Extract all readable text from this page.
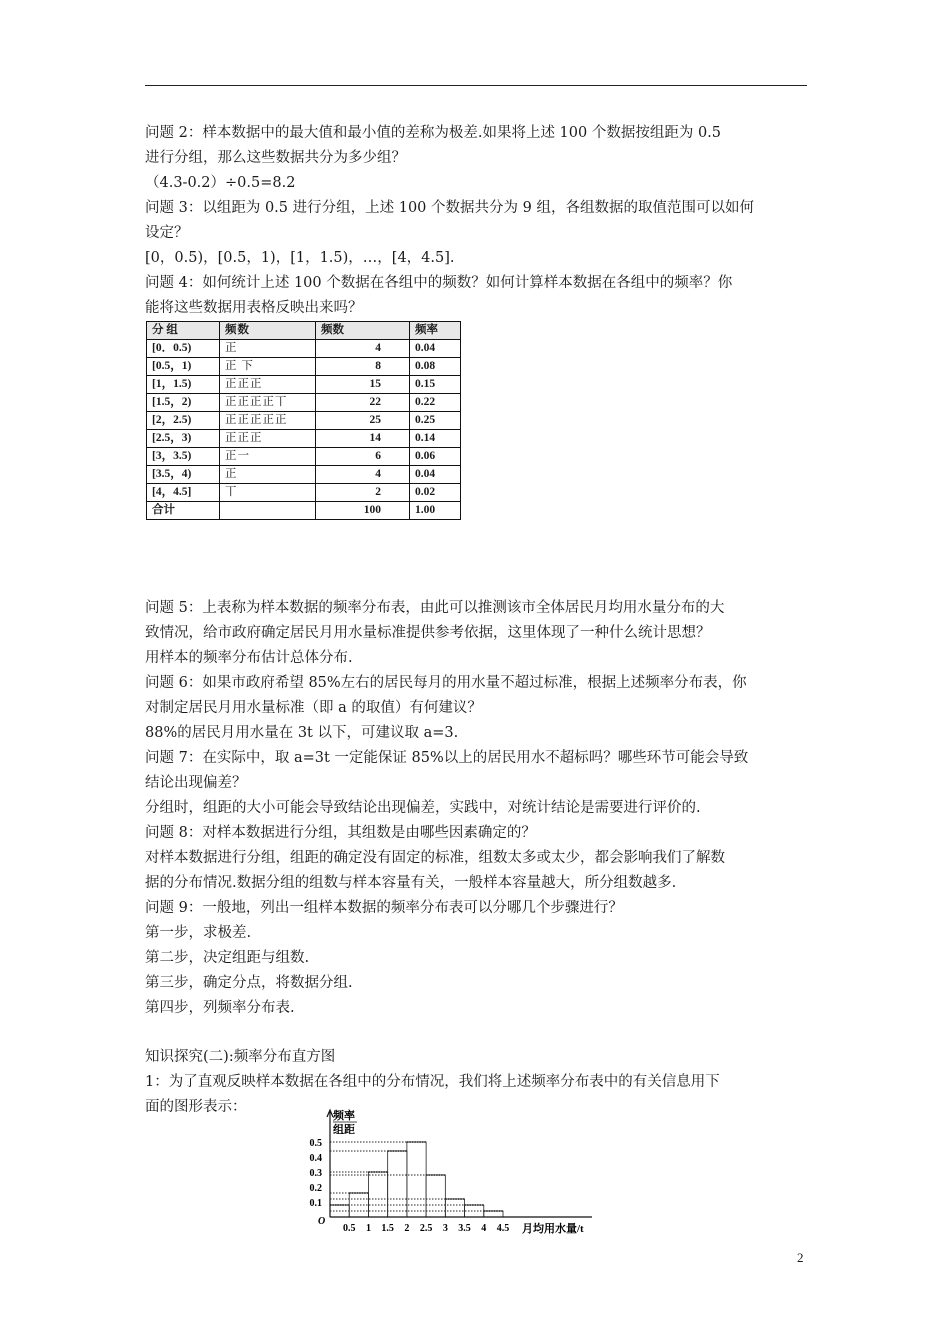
问题 2：样本数据中的最大值和最小值的差称为极差.如果将上述 100 个数据按组距为 0.5
进行分组，那么这些数据共分为多少组？
（4.3-0.2）÷0.5=8.2
问题 3：以组距为 0.5 进行分组，上述 100 个数据共分为 9 组，各组数据的取值范围可以如何
设定？
[0，0.5)，[0.5，1)，[1，1.5)，…，[4，4.5].
问题 4：如何统计上述 100 个数据在各组中的频数？如何计算样本数据在各组中的频率？你
能将这些数据用表格反映出来吗？
分 组	频数	频数	频率
[0．0.5)	正	4	0.04
[0.5，1)	正 下	8	0.08
[1，1.5)	正正正	15	0.15
[1.5，2)	正正正正丅	22	0.22
[2，2.5)	正正正正正	25	0.25
[2.5，3)	正正正	14	0.14
[3，3.5)	正一	6	0.06
[3.5，4)	正	4	0.04
[4，4.5]	丅	2	0.02
合计		100	1.00
问题 5：上表称为样本数据的频率分布表，由此可以推测该市全体居民月均用水量分布的大
致情况，给市政府确定居民月用水量标准提供参考依据，这里体现了一种什么统计思想？
用样本的频率分布估计总体分布.
问题 6：如果市政府希望 85%左右的居民每月的用水量不超过标准，根据上述频率分布表，你
对制定居民月用水量标准（即 a 的取值）有何建议？
88%的居民月用水量在 3t 以下，可建议取 a=3.
问题 7：在实际中，取 a=3t 一定能保证 85%以上的居民用水不超标吗？哪些环节可能会导致
结论出现偏差？
分组时，组距的大小可能会导致结论出现偏差，实践中，对统计结论是需要进行评价的.
问题 8：对样本数据进行分组，其组数是由哪些因素确定的？
对样本数据进行分组，组距的确定没有固定的标准，组数太多或太少，都会影响我们了解数
据的分布情况.数据分组的组数与样本容量有关，一般样本容量越大，所分组数越多.
问题 9：一般地，列出一组样本数据的频率分布表可以分哪几个步骤进行？
第一步，求极差.
第二步，决定组距与组数.
第三步，确定分点，将数据分组.
第四步，列频率分布表.
知识探究(二):频率分布直方图
1：为了直观反映样本数据在各组中的分布情况，我们将上述频率分布表中的有关信息用下
面的图形表示：
频率
组距
0.5
0.4
0.3
0.2
0.1
O
0.5 1 1.5 2 2.5 3 3.5 4 4.5 月均用水量/t
2
